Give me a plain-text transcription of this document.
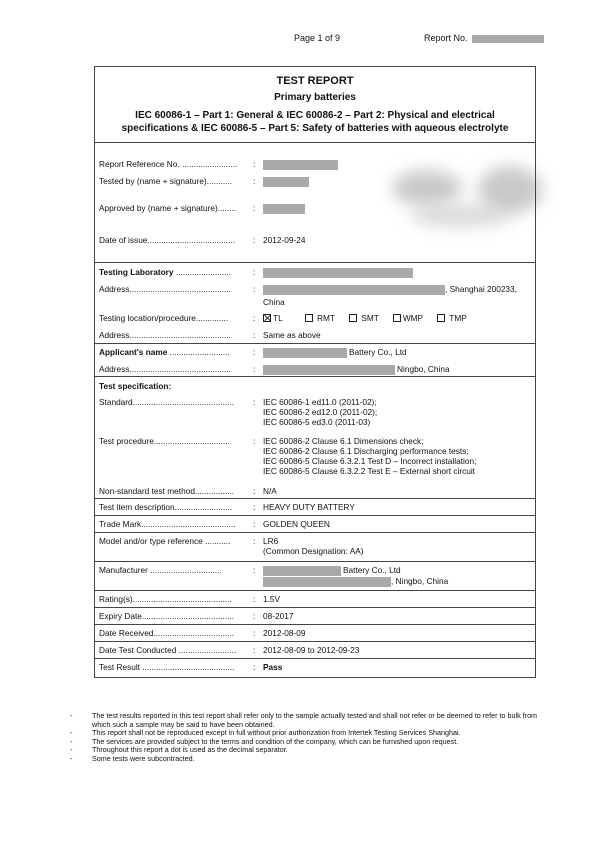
Page 1 of 9	Report No.
TEST REPORT
Primary batteries
IEC 60086-1 – Part 1: General & IEC 60086-2 – Part 2: Physical and electrical
specifications & IEC 60086-5 – Part 5: Safety of batteries with aqueous electrolyte
Report Reference No. ........................ :
Tested by (name + signature)...........	:
Approved by (name + signature)........ :
Date of issue...................................... : 2012-09-24
Testing Laboratory ........................	:
Address............................................	:	, Shanghai 200233,
China
Testing location/procedure..............	:	TL	RMT	SMT	WMP	TMP
Address............................................	: Same as above
Applicant's name ..........................	:	Battery Co., Ltd
Address............................................	:	Ningbo, China
Test specification:
Standard............................................ : IEC 60086-1 ed11.0 (2011-02);
IEC 60086-2 ed12.0 (2011-02);
IEC 60086-5 ed3.0 (2011-03)
Test procedure.................................	: IEC 60086-2 Clause 6.1 Dimensions check;
IEC 60086-2 Clause 6.1 Discharging performance tests;
IEC 60086-5 Clause 6.3.2.1 Test D – Incorrect installation;
IEC 60086-5 Clause 6.3.2.2 Test E – External short circuit
Non-standard test method................. : N/A
Test item description......................... : HEAVY DUTY BATTERY
Trade Mark......................................... : GOLDEN QUEEN
Model and/or type reference ...........	: LR6
(Common Designation: AA)
Manufacturer ...............................	:	Battery Co., Ltd
, Ningbo, China
Rating(s)...........................................	: 1.5V
Expiry Date........................................ : 08-2017
Date Received................................... : 2012-08-09
Date Test Conducted ......................... : 2012-08-09 to 2012-09-23
Test Result ........................................ : Pass
-	The test results reported in this test report shall refer only to the sample actually tested and shall not refer or be deemed to refer to bulk from which such a sample may be said to have been obtained.
-	This report shall not be reproduced except in full without prior authorization from Intertek Testing Services Shanghai.
-	The services are provided subject to the terms and condition of the company, which can be furnished upon request.
-	Throughout this report a dot is used as the decimal separator.
-	Some tests were subcontracted.
